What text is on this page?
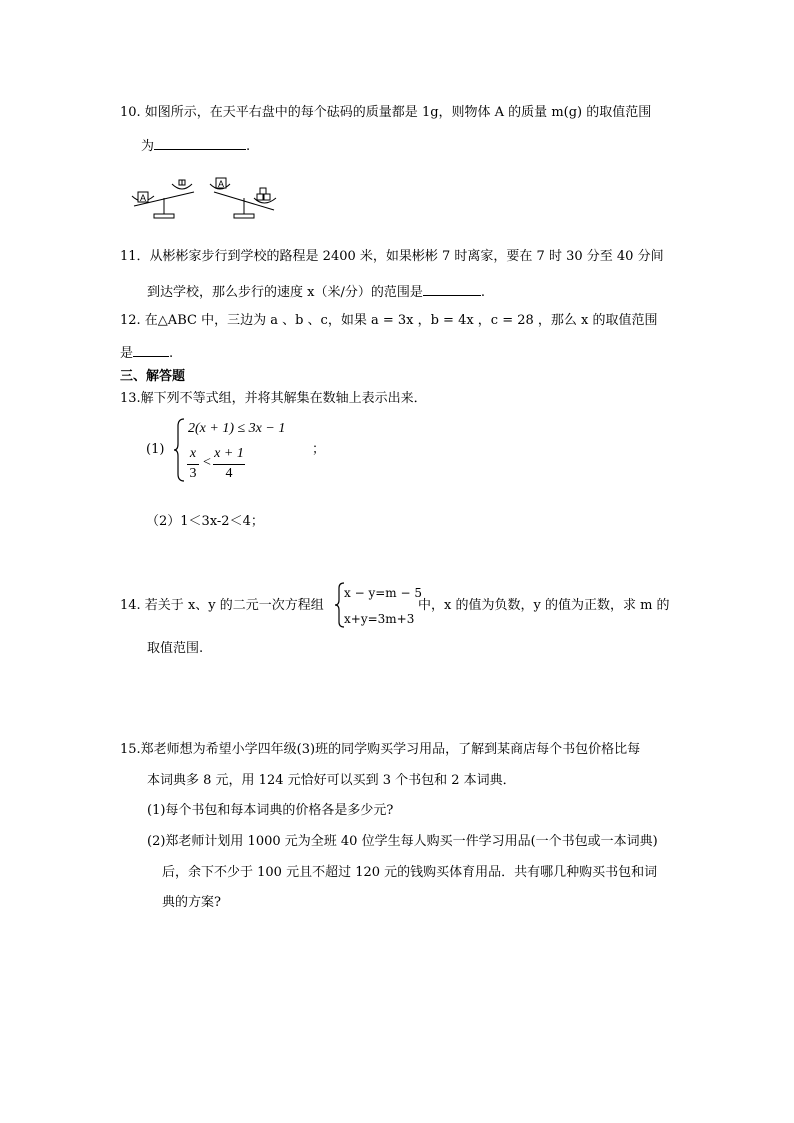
10. 如图所示，在天平右盘中的每个砝码的质量都是 1g，则物体 A 的质量 m(g) 的取值范围
为	.
A
A
11．从彬彬家步行到学校的路程是 2400 米，如果彬彬 7 时离家，要在 7 时 30 分至 40 分间
到达学校，那么步行的速度 x（米/分）的范围是	.
12. 在△ABC 中，三边为 a 、b 、c，如果 a = 3x ，b = 4x ，c = 28 ，那么 x 的取值范围
是	.
三、解答题
13.解下列不等式组，并将其解集在数轴上表示出来．
(1)
2(x + 1) ≤ 3x − 1
x
3
<
x + 1
4
；
（2）1＜3x-2＜4；
14. 若关于 x、y 的二元一次方程组
x − y=m − 5
x+y=3m+3
中，x 的值为负数，y 的值为正数，求 m 的
取值范围.
15.郑老师想为希望小学四年级(3)班的同学购买学习用品，了解到某商店每个书包价格比每
本词典多 8 元，用 124 元恰好可以买到 3 个书包和 2 本词典．
(1)每个书包和每本词典的价格各是多少元?
(2)郑老师计划用 1000 元为全班 40 位学生每人购买一件学习用品(一个书包或一本词典)
后，余下不少于 100 元且不超过 120 元的钱购买体育用品．共有哪几种购买书包和词
典的方案?
